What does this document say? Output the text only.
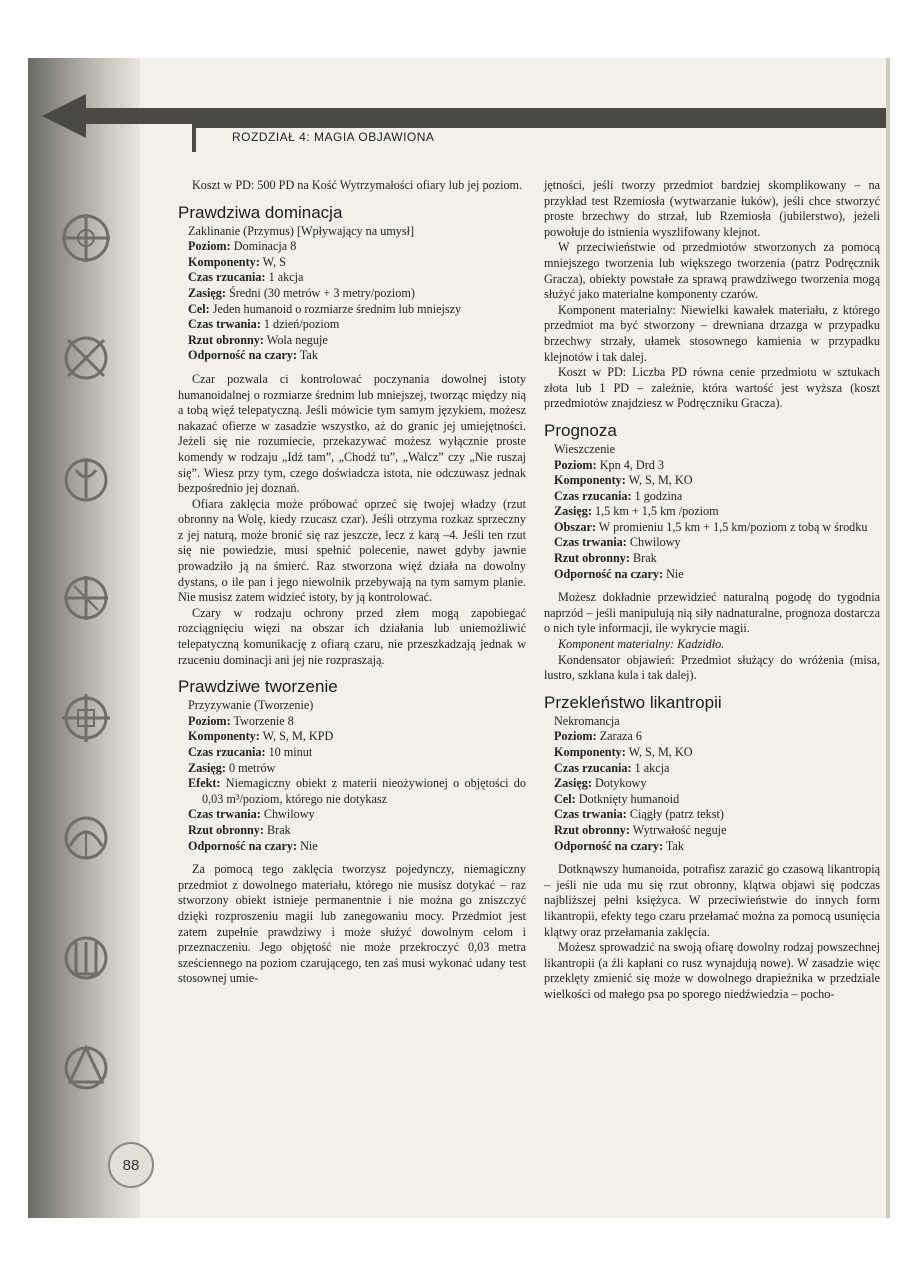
ROZDZIAŁ 4: MAGIA OBJAWIONA

Koszt w PD: 500 PD na Kość Wytrzymałości ofiary lub jej poziom.

Prawdziwa dominacja

Zaklinanie (Przymus) [Wpływający na umysł]

Poziom: Dominacja 8

Komponenty: W, S

Czas rzucania: 1 akcja

Zasięg: Średni (30 metrów + 3 metry/poziom)

Cel: Jeden humanoid o rozmiarze średnim lub mniejszy

Czas trwania: 1 dzień/poziom

Rzut obronny: Wola neguje

Odporność na czary: Tak

Czar pozwala ci kontrolować poczynania dowolnej istoty humanoidalnej o rozmiarze średnim lub mniejszej, tworząc między nią a tobą więź telepatyczną. Jeśli mówicie tym samym językiem, możesz nakazać ofierze w zasadzie wszystko, aż do granic jej umiejętności. Jeżeli się nie rozumiecie, przekazywać możesz wyłącznie proste komendy w rodzaju „Idź tam”, „Chodź tu”, „Walcz” czy „Nie ruszaj się”. Wiesz przy tym, czego doświadcza istota, nie odczuwasz jednak bezpośrednio jej doznań.

Ofiara zaklęcia może próbować oprzeć się twojej władzy (rzut obronny na Wolę, kiedy rzucasz czar). Jeśli otrzyma rozkaz sprzeczny z jej naturą, może bronić się raz jeszcze, lecz z karą –4. Jeśli ten rzut się nie powiedzie, musi spełnić polecenie, nawet gdyby jawnie prowadziło ją na śmierć. Raz stworzona więź działa na dowolny dystans, o ile pan i jego niewolnik przebywają na tym samym planie. Nie musisz zatem widzieć istoty, by ją kontrolować.

Czary w rodzaju ochrony przed złem mogą zapobiegać rozciągnięciu więzi na obszar ich działania lub uniemożliwić telepatyczną komunikację z ofiarą czaru, nie przeszkadzają jednak w rzuceniu dominacji ani jej nie rozpraszają.

Prawdziwe tworzenie

Przyzywanie (Tworzenie)

Poziom: Tworzenie 8

Komponenty: W, S, M, KPD

Czas rzucania: 10 minut

Zasięg: 0 metrów

Efekt: Niemagiczny obiekt z materii nieożywionej o objętości do 0,03 m³/poziom, którego nie dotykasz

Czas trwania: Chwilowy

Rzut obronny: Brak

Odporność na czary: Nie

Za pomocą tego zaklęcia tworzysz pojedynczy, niemagiczny przedmiot z dowolnego materiału, którego nie musisz dotykać – raz stworzony obiekt istnieje permanentnie i nie można go zniszczyć dzięki rozproszeniu magii lub zanegowaniu mocy. Przedmiot jest zatem zupełnie prawdziwy i może służyć dowolnym celom i przeznaczeniu. Jego objętość nie może przekroczyć 0,03 metra sześciennego na poziom czarującego, ten zaś musi wykonać udany test stosownej umie-

jętności, jeśli tworzy przedmiot bardziej skomplikowany – na przykład test Rzemiosła (wytwarzanie łuków), jeśli chce stworzyć proste brzechwy do strzał, lub Rzemiosła (jubilerstwo), jeżeli powołuje do istnienia wyszlifowany klejnot.

W przeciwieństwie od przedmiotów stworzonych za pomocą mniejszego tworzenia lub większego tworzenia (patrz Podręcznik Gracza), obiekty powstałe za sprawą prawdziwego tworzenia mogą służyć jako materialne komponenty czarów.

Komponent materialny: Niewielki kawałek materiału, z którego przedmiot ma być stworzony – drewniana drzazga w przypadku brzechwy strzały, ułamek stosownego kamienia w przypadku klejnotów i tak dalej.

Koszt w PD: Liczba PD równa cenie przedmiotu w sztukach złota lub 1 PD – zależnie, która wartość jest wyższa (koszt przedmiotów znajdziesz w Podręczniku Gracza).

Prognoza

Wieszczenie

Poziom: Kpn 4, Drd 3

Komponenty: W, S, M, KO

Czas rzucania: 1 godzina

Zasięg: 1,5 km + 1,5 km /poziom

Obszar: W promieniu 1,5 km + 1,5 km/poziom z tobą w środku

Czas trwania: Chwilowy

Rzut obronny: Brak

Odporność na czary: Nie

Możesz dokładnie przewidzieć naturalną pogodę do tygodnia naprzód – jeśli manipulują nią siły nadnaturalne, prognoza dostarcza o nich tyle informacji, ile wykrycie magii.

Komponent materialny: Kadzidło.

Kondensator objawień: Przedmiot służący do wróżenia (misa, lustro, szklana kula i tak dalej).

Przekleństwo likantropii

Nekromancja

Poziom: Zaraza 6

Komponenty: W, S, M, KO

Czas rzucania: 1 akcja

Zasięg: Dotykowy

Cel: Dotknięty humanoid

Czas trwania: Ciągły (patrz tekst)

Rzut obronny: Wytrwałość neguje

Odporność na czary: Tak

Dotknąwszy humanoida, potrafisz zarazić go czasową likantropią – jeśli nie uda mu się rzut obronny, klątwa objawi się podczas najbliższej pełni księżyca. W przeciwieństwie do innych form likantropii, efekty tego czaru przełamać można za pomocą usunięcia klątwy oraz przełamania zaklęcia.

Możesz sprowadzić na swoją ofiarę dowolny rodzaj powszechnej likantropii (a źli kapłani co rusz wynajdują nowe). W zasadzie więc przeklęty zmienić się może w dowolnego drapieżnika w przedziale wielkości od małego psa po sporego niedźwiedzia – pocho-

88
